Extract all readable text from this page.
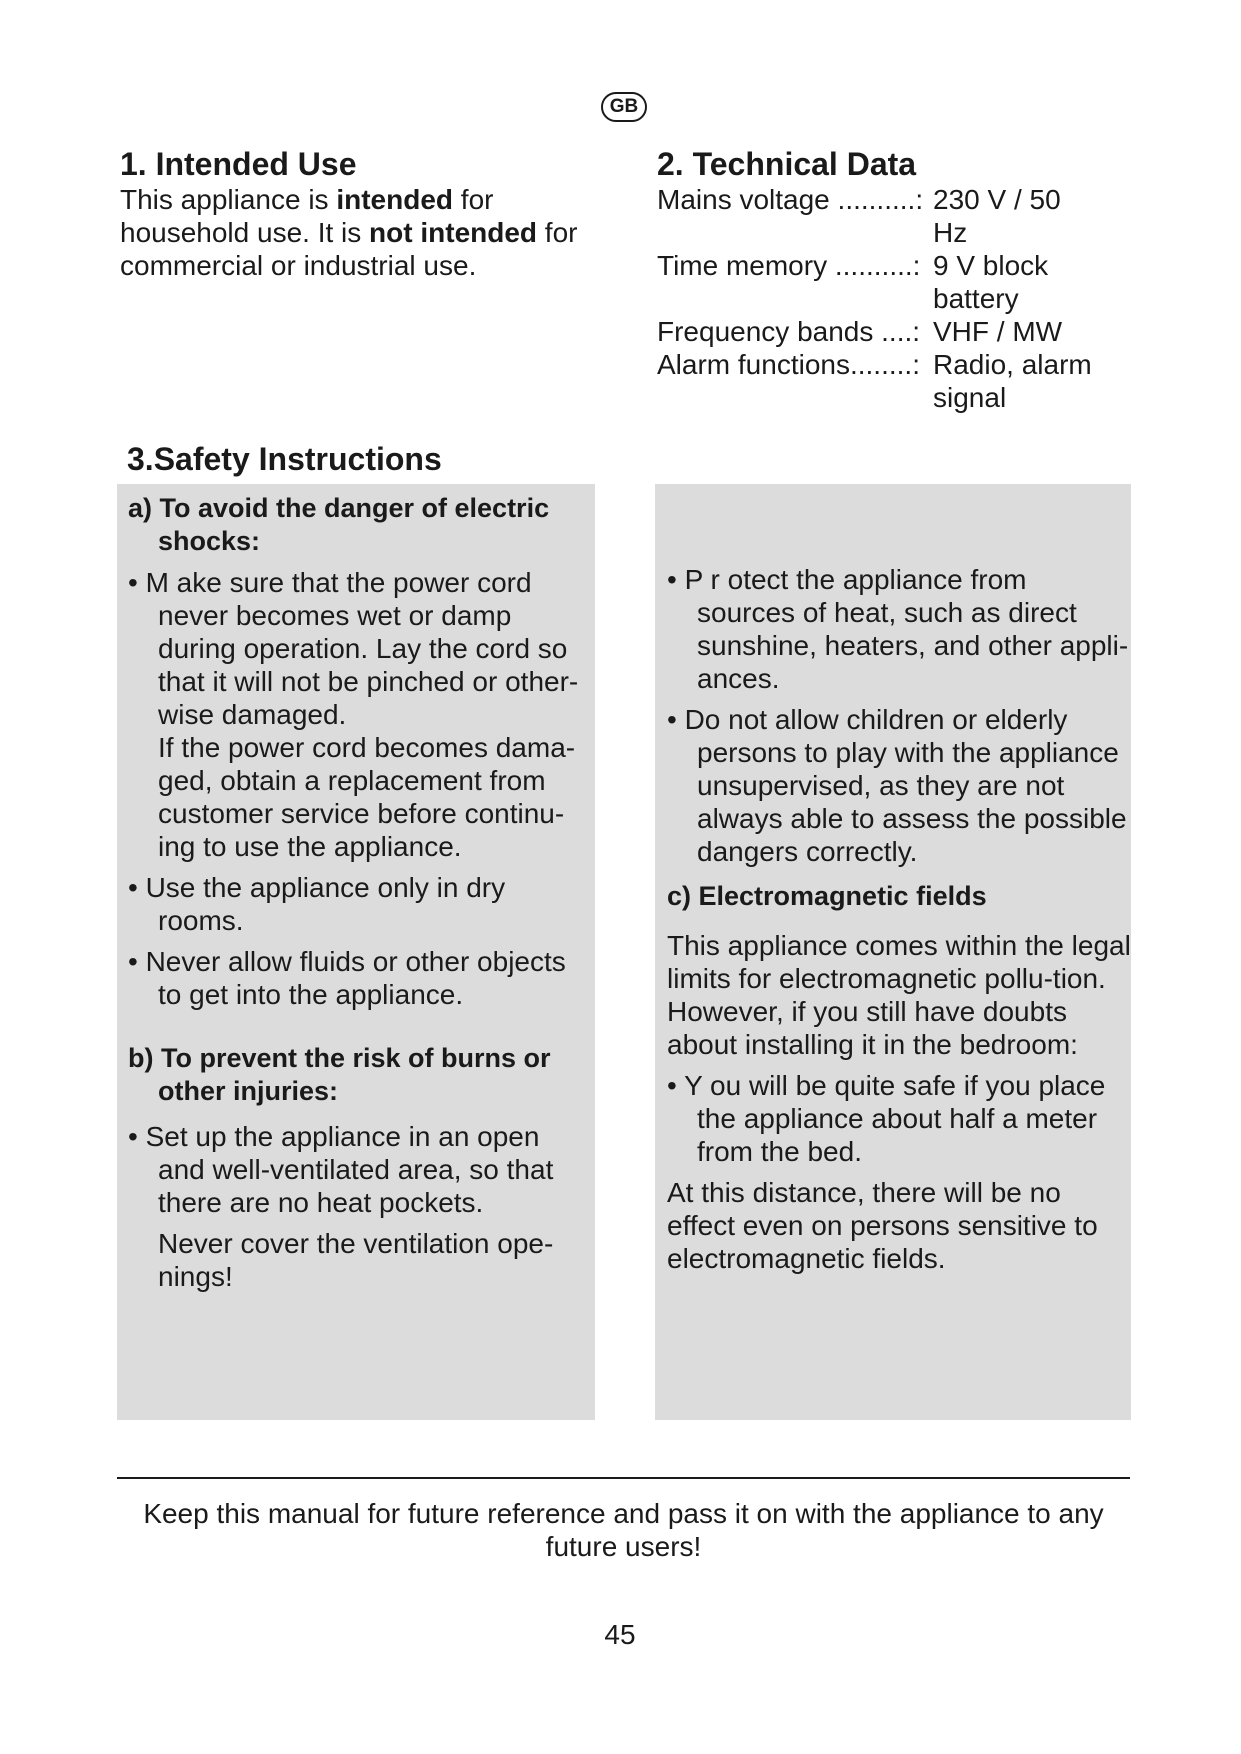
GB
1. Intended Use

This appliance is intended for household use. It is not intended for commercial or industrial use.

2. Technical Data
Mains voltage ..........:	230 V / 50 Hz
Time memory ..........:	9 V block battery
Frequency bands ....:	VHF / MW
Alarm functions........:	Radio, alarm signal
3.Safety Instructions

a) To avoid the danger of electric shocks:

• M ake sure that the power cord never becomes wet or damp during operation. Lay the cord so that it will not be pinched or other-wise damaged.

If the power cord becomes dama-ged, obtain a replacement from customer service before continu-ing to use the appliance.

• Use the appliance only in dry rooms.

• Never allow fluids or other objects to get into the appliance.

b) To prevent the risk of burns or other injuries:

• Set up the appliance in an open and well-ventilated area, so that there are no heat pockets.

Never cover the ventilation ope-nings!

• P r otect the appliance from sources of heat, such as direct sunshine, heaters, and other appli-ances.

• Do not allow children or elderly persons to play with the appliance unsupervised, as they are not always able to assess the possible dangers correctly.

c) Electromagnetic fields

This appliance comes within the legal limits for electromagnetic pollu-tion. However, if you still have doubts about installing it in the bedroom:

• Y ou will be quite safe if you place the appliance about half a meter from the bed.

At this distance, there will be no effect even on persons sensitive to electromagnetic fields.

Keep this manual for future reference and pass it on with the appliance to any future users!

45
